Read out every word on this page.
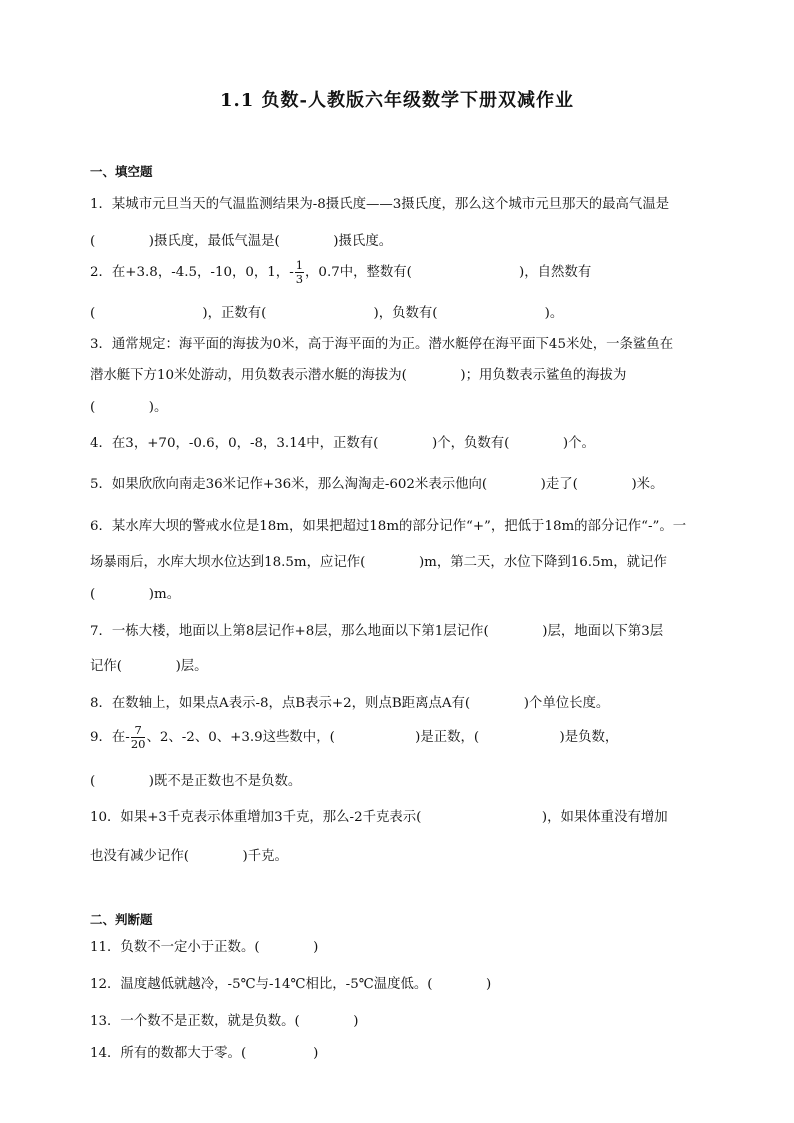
1.1 负数-人教版六年级数学下册双减作业
一、填空题
1．某城市元旦当天的气温监测结果为-8摄氏度——3摄氏度，那么这个城市元旦那天的最高气温是
(　　　　)摄氏度，最低气温是(　　　　)摄氏度。
2．在+3.8，-4.5，-10，0，1，- $\frac{1}{3}$ ，0.7中，整数有(　　　　　　　　)，自然数有
(　　　　　　　　)，正数有(　　　　　　　　)，负数有(　　　　　　　　)。
3．通常规定：海平面的海拔为0米，高于海平面的为正。潜水艇停在海平面下45米处，一条鲨鱼在
潜水艇下方10米处游动，用负数表示潜水艇的海拔为(　　　　)；用负数表示鲨鱼的海拔为
(　　　　)。
4．在3，+70，-0.6，0，-8，3.14中，正数有(　　　　)个，负数有(　　　　)个。
5．如果欣欣向南走36米记作+36米，那么淘淘走-602米表示他向(　　　　)走了(　　　　)米。
6．某水库大坝的警戒水位是18m，如果把超过18m的部分记作“+”，把低于18m的部分记作“-”。一
场暴雨后，水库大坝水位达到18.5m，应记作(　　　　)m，第二天，水位下降到16.5m，就记作
(　　　　)m。
7．一栋大楼，地面以上第8层记作+8层，那么地面以下第1层记作(　　　　)层，地面以下第3层
记作(　　　　)层。
8．在数轴上，如果点A表示-8，点B表示+2，则点B距离点A有(　　　　)个单位长度。
9．在- $\frac{7}{20}$ 、2、-2、0、+3.9这些数中，(　　　　　　)是正数，(　　　　　　)是负数，
(　　　　)既不是正数也不是负数。
10．如果+3千克表示体重增加3千克，那么-2千克表示(　　　　　　　　　)，如果体重没有增加
也没有减少记作(　　　　)千克。
二、判断题
11．负数不一定小于正数。(　　　　)
12．温度越低就越冷，-5℃与-14℃相比，-5℃温度低。(　　　　)
13．一个数不是正数，就是负数。(　　　　)
14．所有的数都大于零。(　　　　　)
